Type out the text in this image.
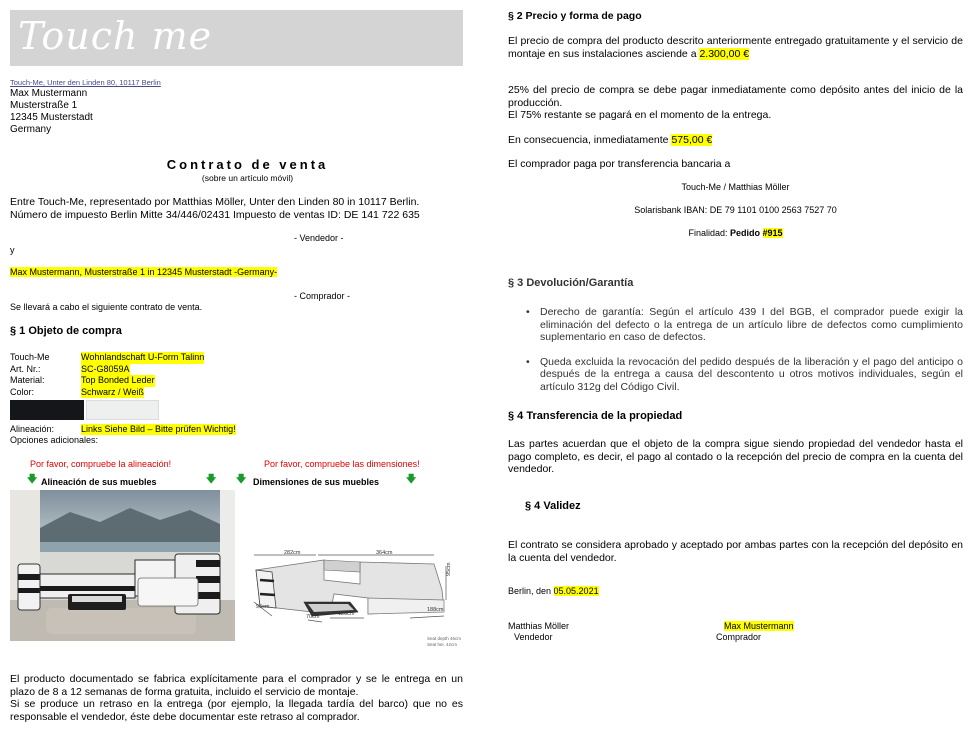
Touch me
Touch-Me, Unter den Linden 80, 10117 Berlin
Max Mustermann
Musterstraße 1
12345 Musterstadt
Germany
Contrato de venta
(sobre un artículo móvil)
Entre Touch-Me, representado por Matthias Möller, Unter den Linden 80 in 10117 Berlin.
Número de impuesto Berlin Mitte 34/446/02431 Impuesto de ventas ID: DE 141 722 635
- Vendedor -
y
Max Mustermann, Musterstraße 1 in 12345 Musterstadt -Germany-
- Comprador -
Se llevará a cabo el siguiente contrato de venta.
§ 1 Objeto de compra
Touch-Me	Wohnlandschaft U-Form Talinn
Art. Nr.:	SC-G8059A
Material:	Top Bonded Leder
Color:	Schwarz / Weiß
Alineación:	Links Siehe Bild – Bitte prüfen Wichtig!
Opciones adicionales:
Por favor, compruebe la alineación!	Por favor, compruebe las dimensiones!
🡇 Alineación de sus muebles	🡇 🡇 Dimensiones de sus muebles	🡇
282cm	364cm
95cm
96cm
70cm	120cm
188cm
Seat depth 46cm
Seat hei. 42cm
El producto documentado se fabrica explícitamente para el comprador y se le entrega en un plazo de 8 a 12 semanas de forma gratuita, incluido el servicio de montaje.
Si se produce un retraso en la entrega (por ejemplo, la llegada tardía del barco) que no es responsable el vendedor, éste debe documentar este retraso al comprador.
§ 2 Precio y forma de pago
El precio de compra del producto descrito anteriormente entregado gratuitamente y el servicio de montaje en sus instalaciones asciende a 2.300,00 €
25% del precio de compra se debe pagar inmediatamente como depósito antes del inicio de la producción.
El 75% restante se pagará en el momento de la entrega.
En consecuencia, inmediatamente 575,00 €
El comprador paga por transferencia bancaria a
Touch-Me / Matthias Möller
Solarisbank IBAN: DE 79 1101 0100 2563 7527 70
Finalidad: Pedido #915
§ 3 Devolución/Garantía
• Derecho de garantía: Según el artículo 439 I del BGB, el comprador puede exigir la eliminación del defecto o la entrega de un artículo libre de defectos como cumplimiento suplementario en caso de defectos.
• Queda excluida la revocación del pedido después de la liberación y el pago del anticipo o después de la entrega a causa del descontento u otros motivos individuales, según el artículo 312g del Código Civil.
§ 4 Transferencia de la propiedad
Las partes acuerdan que el objeto de la compra sigue siendo propiedad del vendedor hasta el pago completo, es decir, el pago al contado o la recepción del precio de compra en la cuenta del vendedor.
§ 4 Validez
El contrato se considera aprobado y aceptado por ambas partes con la recepción del depósito en la cuenta del vendedor.
Berlin, den 05.05.2021
Matthias Möller
Vendedor
Max Mustermann
Comprador
